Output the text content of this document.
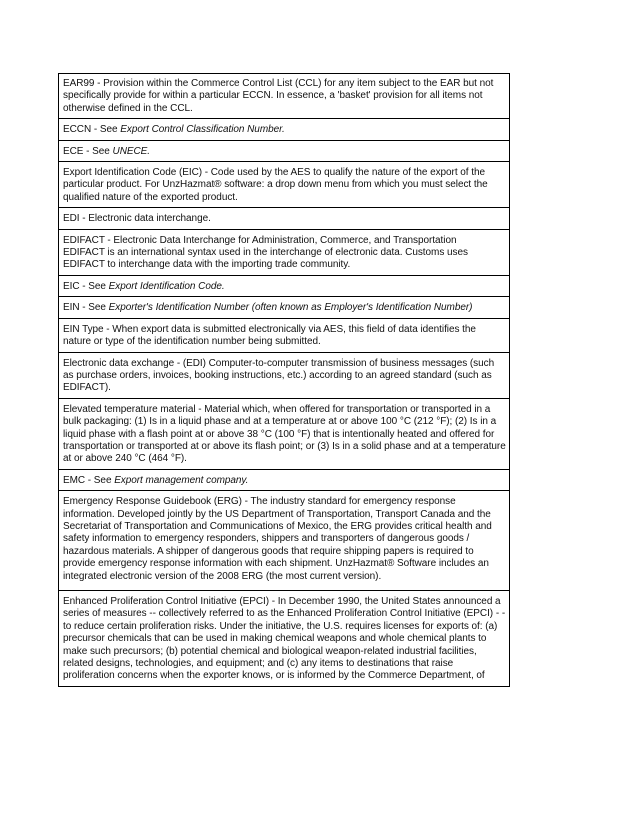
EAR99 - Provision within the Commerce Control List (CCL) for any item subject to the EAR but not specifically provide for within a particular ECCN. In essence, a 'basket' provision for all items not otherwise defined in the CCL.

ECCN - See Export Control Classification Number.

ECE - See UNECE.

Export Identification Code (EIC) - Code used by the AES to qualify the nature of the export of the particular product. For UnzHazmat® software: a drop down menu from which you must select the qualified nature of the exported product.

EDI - Electronic data interchange.

EDIFACT - Electronic Data Interchange for Administration, Commerce, and Transportation

EDIFACT is an international syntax used in the interchange of electronic data. Customs uses EDIFACT to interchange data with the importing trade community.

EIC - See Export Identification Code.

EIN - See Exporter's Identification Number (often known as Employer's Identification Number)

EIN Type - When export data is submitted electronically via AES, this field of data identifies the nature or type of the identification number being submitted.

Electronic data exchange - (EDI) Computer-to-computer transmission of business messages (such as purchase orders, invoices, booking instructions, etc.) according to an agreed standard (such as EDIFACT).

Elevated temperature material - Material which, when offered for transportation or transported in a bulk packaging: (1) Is in a liquid phase and at a temperature at or above 100 °C (212 °F); (2) Is in a liquid phase with a flash point at or above 38 °C (100 °F) that is intentionally heated and offered for transportation or transported at or above its flash point; or (3) Is in a solid phase and at a temperature at or above 240 °C (464 °F).

EMC - See Export management company.

Emergency Response Guidebook (ERG) - The industry standard for emergency response information. Developed jointly by the US Department of Transportation, Transport Canada and the Secretariat of Transportation and Communications of Mexico, the ERG provides critical health and safety information to emergency responders, shippers and transporters of dangerous goods / hazardous materials. A shipper of dangerous goods that require shipping papers is required to provide emergency response information with each shipment. UnzHazmat® Software includes an integrated electronic version of the 2008 ERG (the most current version).

Enhanced Proliferation Control Initiative (EPCI) - In December 1990, the United States announced a series of measures -- collectively referred to as the Enhanced Proliferation Control Initiative (EPCI) - - to reduce certain proliferation risks. Under the initiative, the U.S. requires licenses for exports of: (a) precursor chemicals that can be used in making chemical weapons and whole chemical plants to make such precursors; (b) potential chemical and biological weapon-related industrial facilities, related designs, technologies, and equipment; and (c) any items to destinations that raise proliferation concerns when the exporter knows, or is informed by the Commerce Department, of
